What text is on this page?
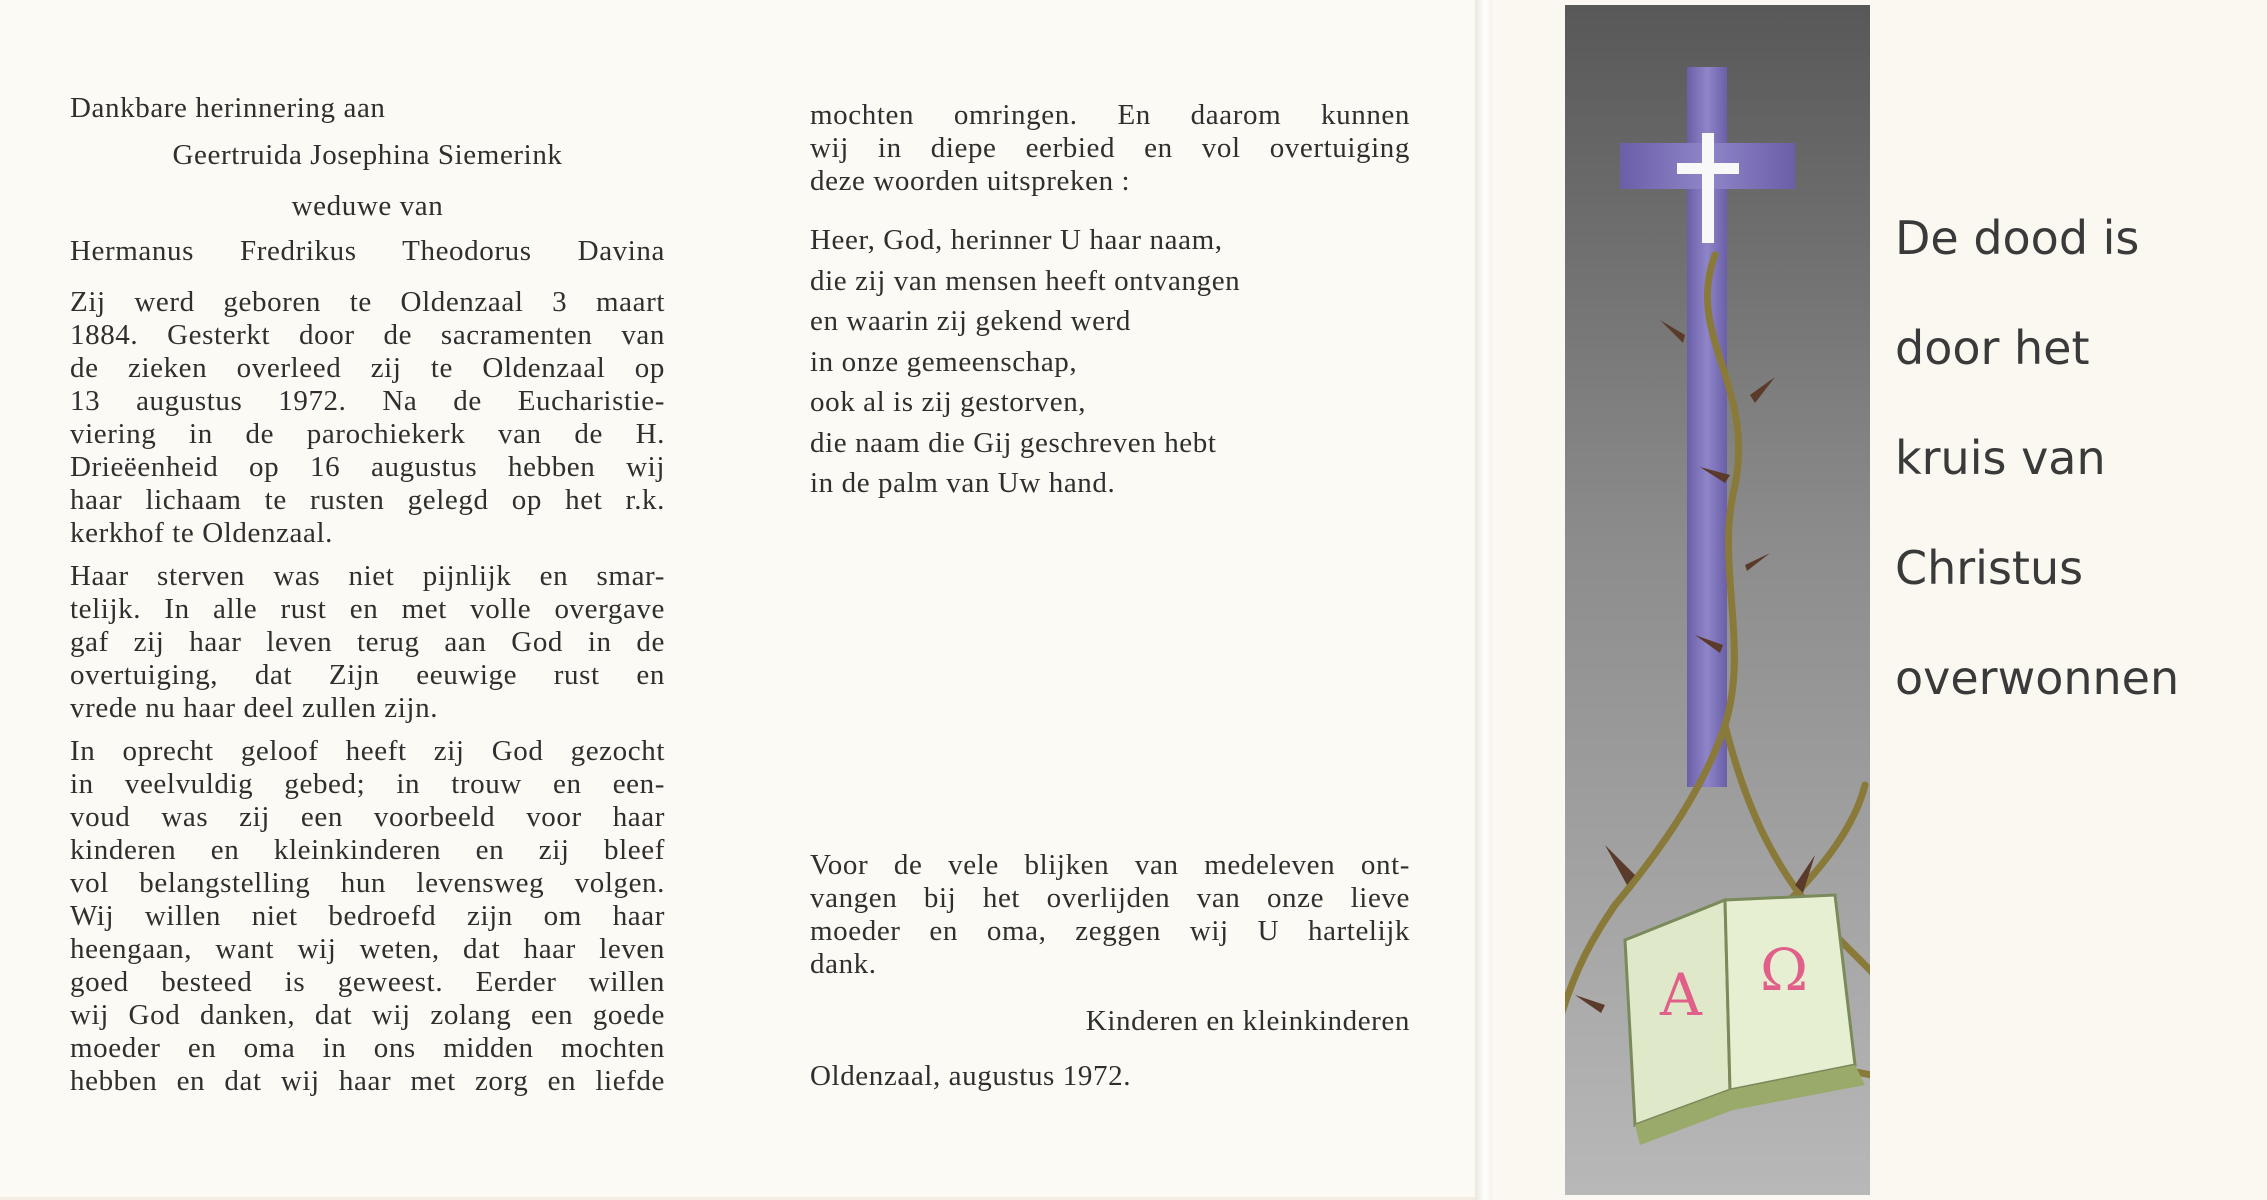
Dankbare herinnering aan
Geertruida Josephina Siemerink
weduwe van
Hermanus Fredrikus Theodorus Davina
Zij werd geboren te Oldenzaal 3 maart
1884. Gesterkt door de sacramenten van
de zieken overleed zij te Oldenzaal op
13 augustus 1972. Na de Eucharistie-
viering in de parochiekerk van de H.
Drieëenheid op 16 augustus hebben wij
haar lichaam te rusten gelegd op het r.k.
kerkhof te Oldenzaal.
Haar sterven was niet pijnlijk en smar-
telijk. In alle rust en met volle overgave
gaf zij haar leven terug aan God in de
overtuiging, dat Zijn eeuwige rust en
vrede nu haar deel zullen zijn.
In oprecht geloof heeft zij God gezocht
in veelvuldig gebed; in trouw en een-
voud was zij een voorbeeld voor haar
kinderen en kleinkinderen en zij bleef
vol belangstelling hun levensweg volgen.
Wij willen niet bedroefd zijn om haar
heengaan, want wij weten, dat haar leven
goed besteed is geweest. Eerder willen
wij God danken, dat wij zolang een goede
moeder en oma in ons midden mochten
hebben en dat wij haar met zorg en liefde
mochten omringen. En daarom kunnen
wij in diepe eerbied en vol overtuiging
deze woorden uitspreken :
Heer, God, herinner U haar naam,
die zij van mensen heeft ontvangen
en waarin zij gekend werd
in onze gemeenschap,
ook al is zij gestorven,
die naam die Gij geschreven hebt
in de palm van Uw hand.
Voor de vele blijken van medeleven ont-
vangen bij het overlijden van onze lieve
moeder en oma, zeggen wij U hartelijk
dank.
Kinderen en kleinkinderen
Oldenzaal, augustus 1972.
A Ω
De dood is
door het
kruis van
Christus
overwonnen
